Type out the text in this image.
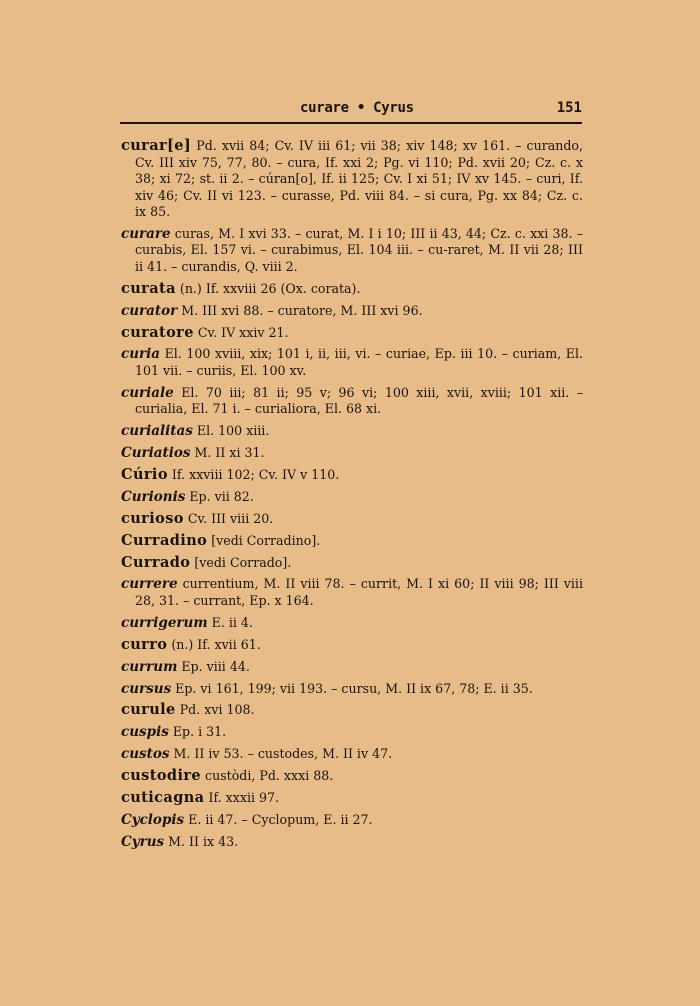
curare • Cyrus	151
curar[e] Pd. xvii 84; Cv. IV iii 61; vii 38; xiv 148; xv 161. – curando, Cv. III xiv 75, 77, 80. – cura, If. xxi 2; Pg. vi 110; Pd. xvii 20; Cz. c. x 38; xi 72; st. ii 2. – cúran[o], If. ii 125; Cv. I xi 51; IV xv 145. – curi, If. xiv 46; Cv. II vi 123. – curasse, Pd. viii 84. – si cura, Pg. xx 84; Cz. c. ix 85.
curare curas, M. I xvi 33. – curat, M. I i 10; III ii 43, 44; Cz. c. xxi 38. – curabis, El. 157 vi. – curabimus, El. 104 iii. – cu-raret, M. II vii 28; III ii 41. – curandis, Q. viii 2.
curata (n.) If. xxviii 26 (Ox. corata).
curator M. III xvi 88. – curatore, M. III xvi 96.
curatore Cv. IV xxiv 21.
curia El. 100 xviii, xix; 101 i, ii, iii, vi. – curiae, Ep. iii 10. – curiam, El. 101 vii. – curiis, El. 100 xv.
curiale El. 70 iii; 81 ii; 95 v; 96 vi; 100 xiii, xvii, xviii; 101 xii. – curialia, El. 71 i. – curialiora, El. 68 xi.
curialitas El. 100 xiii.
Curiatios M. II xi 31.
Cúrio If. xxviii 102; Cv. IV v 110.
Curionis Ep. vii 82.
curioso Cv. III viii 20.
Curradino [vedi Corradino].
Currado [vedi Corrado].
currere currentium, M. II viii 78. – currit, M. I xi 60; II viii 98; III viii 28, 31. – currant, Ep. x 164.
currigerum E. ii 4.
curro (n.) If. xvii 61.
currum Ep. viii 44.
cursus Ep. vi 161, 199; vii 193. – cursu, M. II ix 67, 78; E. ii 35.
curule Pd. xvi 108.
cuspis Ep. i 31.
custos M. II iv 53. – custodes, M. II iv 47.
custodire custòdi, Pd. xxxi 88.
cuticagna If. xxxii 97.
Cyclopis E. ii 47. – Cyclopum, E. ii 27.
Cyrus M. II ix 43.
